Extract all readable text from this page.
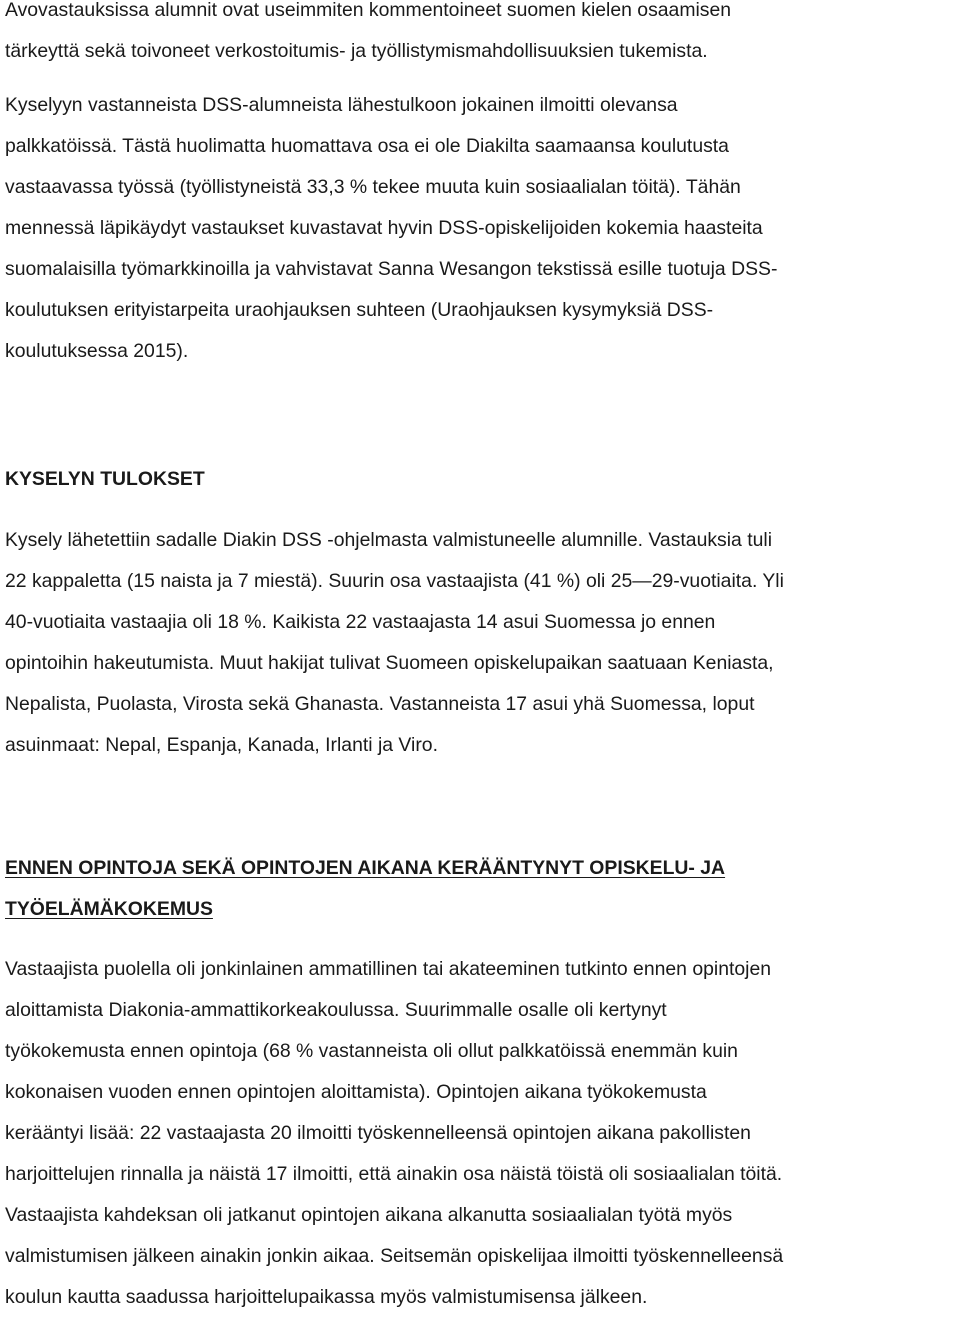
Avovastauksissa alumnit ovat useimmiten kommentoineet suomen kielen osaamisen
tärkeyttä sekä toivoneet verkostoitumis- ja työllistymismahdollisuuksien tukemista.
Kyselyyn vastanneista DSS-alumneista lähestulkoon jokainen ilmoitti olevansa
palkkatöissä. Tästä huolimatta huomattava osa ei ole Diakilta saamaansa koulutusta
vastaavassa työssä (työllistyneistä 33,3 % tekee muuta kuin sosiaalialan töitä). Tähän
mennessä läpikäydyt vastaukset kuvastavat hyvin DSS-opiskelijoiden kokemia haasteita
suomalaisilla työmarkkinoilla ja vahvistavat Sanna Wesangon tekstissä esille tuotuja DSS-
koulutuksen erityistarpeita uraohjauksen suhteen (Uraohjauksen kysymyksiä DSS-
koulutuksessa 2015).
KYSELYN TULOKSET
Kysely lähetettiin sadalle Diakin DSS -ohjelmasta valmistuneelle alumnille. Vastauksia tuli
22 kappaletta (15 naista ja 7 miestä). Suurin osa vastaajista (41 %) oli 25—29-vuotiaita. Yli
40-vuotiaita vastaajia oli 18 %. Kaikista 22 vastaajasta 14 asui Suomessa jo ennen
opintoihin hakeutumista. Muut hakijat tulivat Suomeen opiskelupaikan saatuaan Keniasta,
Nepalista, Puolasta, Virosta sekä Ghanasta. Vastanneista 17 asui yhä Suomessa, loput
asuinmaat: Nepal, Espanja, Kanada, Irlanti ja Viro.
ENNEN OPINTOJA SEKÄ OPINTOJEN AIKANA KERÄÄNTYNYT OPISKELU- JA
TYÖELÄMÄKOKEMUS
Vastaajista puolella oli jonkinlainen ammatillinen tai akateeminen tutkinto ennen opintojen
aloittamista Diakonia-ammattikorkeakoulussa. Suurimmalle osalle oli kertynyt
työkokemusta ennen opintoja (68 % vastanneista oli ollut palkkatöissä enemmän kuin
kokonaisen vuoden ennen opintojen aloittamista). Opintojen aikana työkokemusta
kerääntyi lisää: 22 vastaajasta 20 ilmoitti työskennelleensä opintojen aikana pakollisten
harjoittelujen rinnalla ja näistä 17 ilmoitti, että ainakin osa näistä töistä oli sosiaalialan töitä.
Vastaajista kahdeksan oli jatkanut opintojen aikana alkanutta sosiaalialan työtä myös
valmistumisen jälkeen ainakin jonkin aikaa. Seitsemän opiskelijaa ilmoitti työskennelleensä
koulun kautta saadussa harjoittelupaikassa myös valmistumisensa jälkeen.
